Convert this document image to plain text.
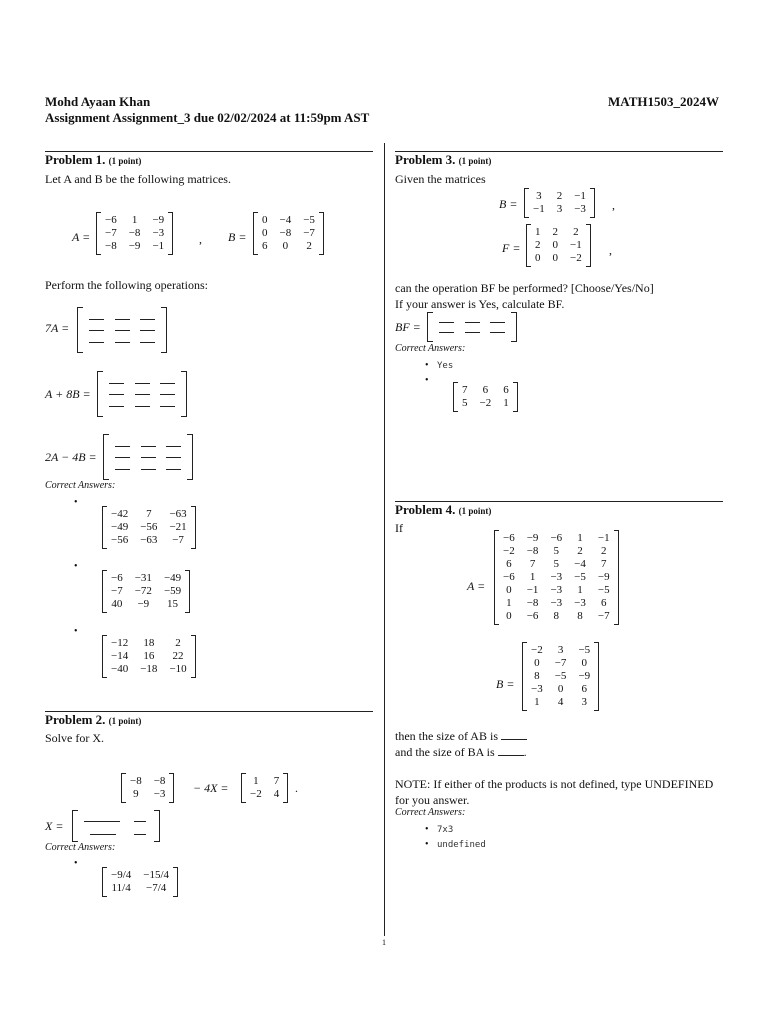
Mohd Ayaan Khan
Assignment Assignment_3 due 02/02/2024 at 11:59pm AST
MATH1503_2024W
Problem 1. (1 point)
Let A and B be the following matrices.
A =
−6	1	−9
−7	−8	−3
−8	−9	−1	, B =
0	−4	−5
0	−8	−7
6	0	2
Perform the following operations:
7A =
A + 8B =
2A − 4B =
Correct Answers:
•
−42	7	−63
−49	−56	−21
−56	−63	−7
•
−6	−31	−49
−7	−72	−59
40	−9	15
•
−12	18	2
−14	16	22
−40	−18	−10
Problem 2. (1 point)
Solve for X.
−8	−8
9	−3 − 4X = 1	7
−2	4 .
X =
Correct Answers:
•
−9/4	−15/4
11/4	−7/4
Problem 3. (1 point)
Given the matrices
B =
3	2	−1
−1	3	−3 ,
F =
1	2	2
2	0	−1
0	0	−2
,
can the operation BF be performed? [Choose/Yes/No]
If your answer is Yes, calculate BF.
BF =
Correct Answers:
• Yes
•
7	6	6
5	−2	1
Problem 4. (1 point)
If
A =
−6	−9	−6	1	−1
−2	−8	5	2	2
6	7	5	−4	7
−6	1	−3	−5	−9
0	−1	−3	1	−5
1	−8	−3	−3	6
0	−6	8	8	−7
B =
−2	3	−5
0	−7	0
8	−5	−9
−3	0	6
1	4	3
then the size of AB is
and the size of BA is .
NOTE: If either of the products is not defined, type UNDEFINED
for you answer.
Correct Answers:
• 7x3
• undefined
1
